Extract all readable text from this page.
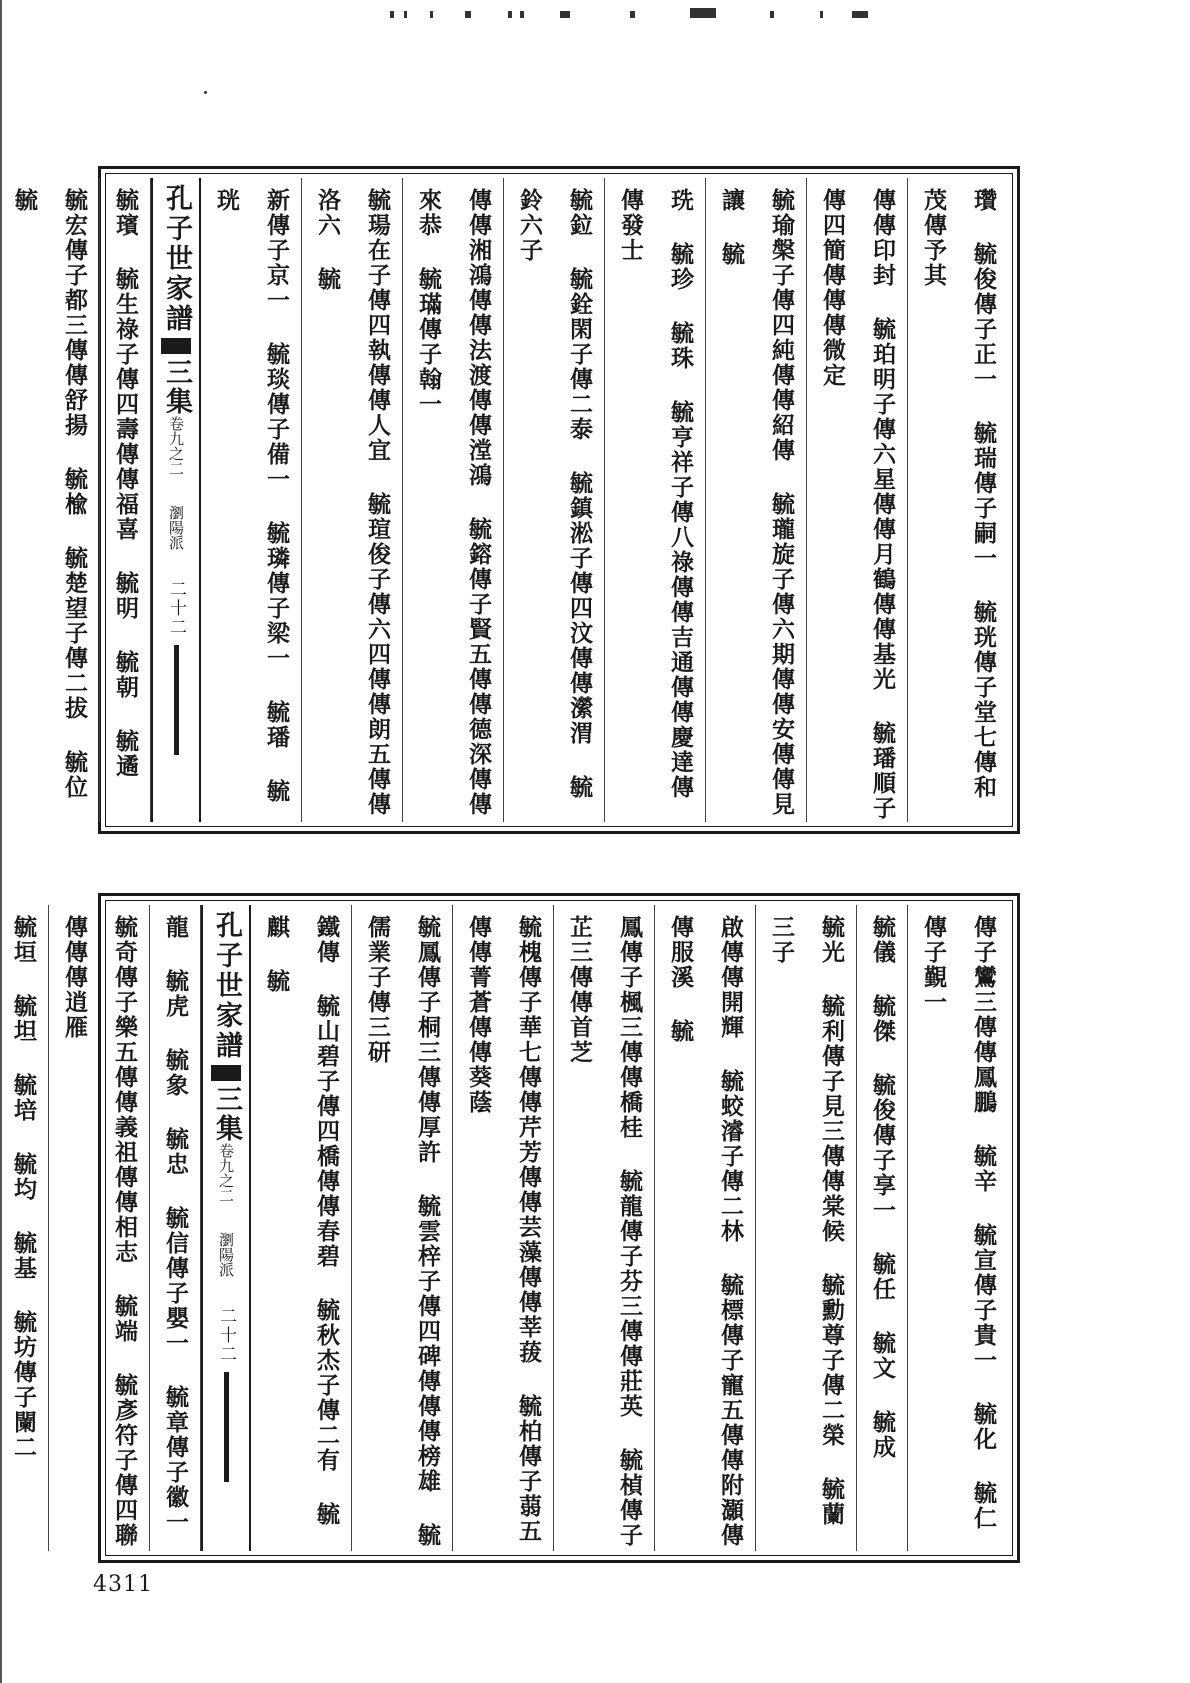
瓚 毓俊傳子正一 毓瑞傳子嗣一 毓珖傳子堂七傳和茂傳予其
傳傳印封 毓珀明子傳六星傳傳月鶴傳傳基光 毓璠順子傳四簡傳傳傳微定
毓瑜槃子傳四純傳傳紹傳 毓瓏旋子傳六期傳傳安傳傳見讓 毓
珗 毓珍 毓珠 毓亨祥子傳八祿傳傳吉通傳傳慶達傳傳發士
毓鉝 毓銓閑子傳二泰 毓鎮淞子傳四汶傳傳瀠渭 毓鈴六子
傳傳湘鴻傳傳法渡傳傳漟鴻 毓鎔傳子賢五傳傳德深傳傳來恭 毓璊傳子翰一
毓瑒在子傳四執傳傳人宜 毓瑄俊子傳六四傳傳朗五傳傳洛六 毓
新傳子京一 毓琰傳子備一 毓璘傳子梁一 毓璠 毓珖
孔子世家譜三集卷九之二 瀏陽派二十二
毓璸 毓生祿子傳四壽傳傳福喜 毓明 毓朝 毓遹
毓宏傳子都三傳傳舒揚 毓楡 毓楚望子傳二拔 毓位 毓
傳子鸞三傳傳鳳鵬 毓辛 毓宣傳子貴一 毓化 毓仁傳子覲一
毓儀 毓傑 毓俊傳子享一 毓任 毓文 毓成
毓光 毓利傳子見三傳傳棠候 毓勳尊子傳二榮 毓蘭三子
啟傳傳開輝 毓蛟濬子傳二林 毓標傳子寵五傳傳附灝傳傳服溪 毓
鳳傳子楓三傳傳橋桂 毓龍傳子芬三傳傳莊英 毓楨傳子芷三傳傳首芝
毓槐傳子華七傳傳芹芳傳傳芸藻傳傳莘菝 毓柏傳子蒻五傳傳菁蒼傳傳葵蔭
毓鳳傳子桐三傳傳厚許 毓雲梓子傳四碑傳傳傳榜雄 毓儒業子傳三研
鐵傳 毓山碧子傳四橋傳傳春碧 毓秋杰子傳二有 毓麒 毓
孔子世家譜三集卷九之二 瀏陽派二十二
龍 毓虎 毓象 毓忠 毓信傳子嬰一 毓章傳子徽一
毓奇傳子樂五傳傳義祖傳傳相志 毓端 毓彥符子傳四聯傳傳傳逍雁
毓垣 毓坦 毓培 毓均 毓基 毓坊傳子闌二
4311
